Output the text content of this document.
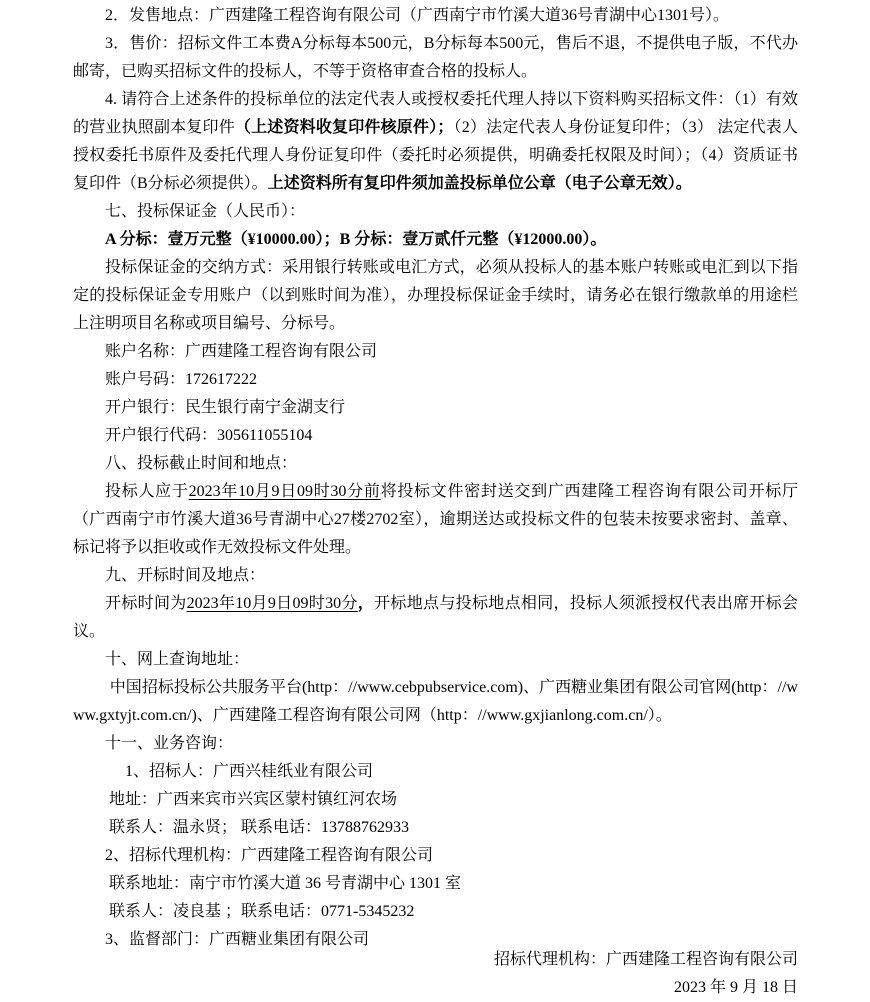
2．发售地点：广西建隆工程咨询有限公司（广西南宁市竹溪大道36号青湖中心1301号）。

3．售价：招标文件工本费A分标每本500元，B分标每本500元，售后不退，不提供电子版，不代办邮寄，已购买招标文件的投标人，不等于资格审查合格的投标人。

4. 请符合上述条件的投标单位的法定代表人或授权委托代理人持以下资料购买招标文件：（1）有效的营业执照副本复印件（上述资料收复印件核原件）；（2）法定代表人身份证复印件；（3） 法定代表人授权委托书原件及委托代理人身份证复印件（委托时必须提供，明确委托权限及时间）；（4）资质证书复印件（B分标必须提供）。上述资料所有复印件须加盖投标单位公章（电子公章无效）。

七、投标保证金（人民币）：

A 分标：壹万元整（¥10000.00）；B 分标：壹万贰仟元整（¥12000.00）。

投标保证金的交纳方式：采用银行转账或电汇方式，必须从投标人的基本账户转账或电汇到以下指定的投标保证金专用账户（以到账时间为准），办理投标保证金手续时，请务必在银行缴款单的用途栏上注明项目名称或项目编号、分标号。

账户名称：广西建隆工程咨询有限公司

账户号码：172617222

开户银行：民生银行南宁金湖支行

开户银行代码：305611055104

八、投标截止时间和地点：

投标人应于2023年10月9日09时30分前将投标文件密封送交到广西建隆工程咨询有限公司开标厅（广西南宁市竹溪大道36号青湖中心27楼2702室），逾期送达或投标文件的包装未按要求密封、盖章、标记将予以拒收或作无效投标文件处理。

九、开标时间及地点：

开标时间为2023年10月9日09时30分，开标地点与投标地点相同，投标人须派授权代表出席开标会议。

十、网上查询地址：

中国招标投标公共服务平台(http：//www.cebpubservice.com)、广西糖业集团有限公司官网(http：//www.gxtyjt.com.cn/)、广西建隆工程咨询有限公司网（http：//www.gxjianlong.com.cn/）。

十一、业务咨询：

1、招标人：广西兴桂纸业有限公司

地址：广西来宾市兴宾区蒙村镇红河农场

联系人：温永贤； 联系电话：13788762933

2、招标代理机构：广西建隆工程咨询有限公司

联系地址：南宁市竹溪大道 36 号青湖中心 1301 室

联系人：凌良基 ；联系电话：0771-5345232

3、监督部门：广西糖业集团有限公司

招标代理机构：广西建隆工程咨询有限公司

2023 年 9 月 18 日
